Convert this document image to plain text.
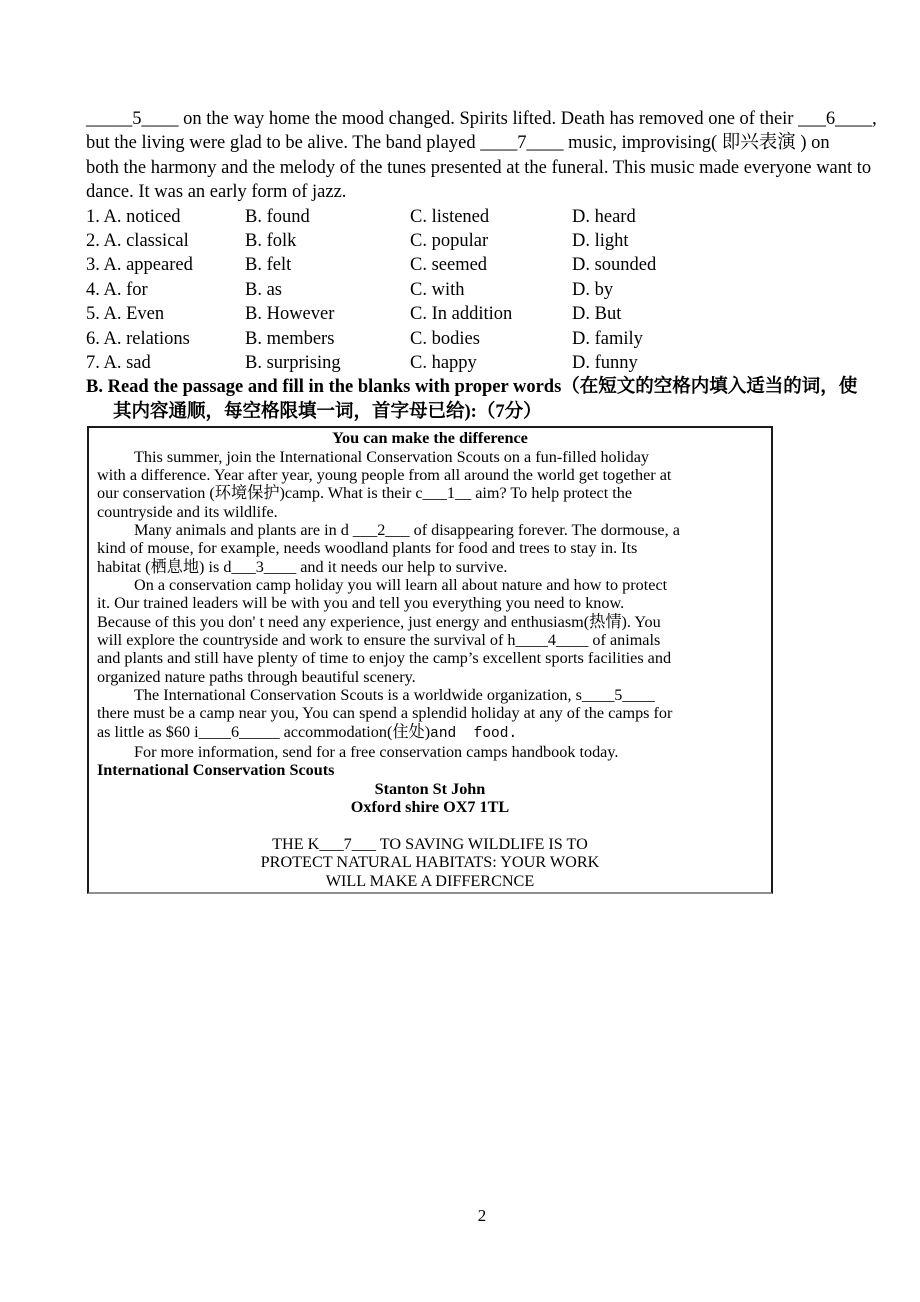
_____5____ on the way home the mood changed. Spirits lifted. Death has removed one of their ___6____,
but the living were glad to be alive. The band played ____7____ music, improvising( 即兴表演 ) on
both the harmony and the melody of the tunes presented at the funeral. This music made everyone want to
dance. It was an early form of jazz.
1. A. noticed	B. found	C. listened	D. heard
2. A. classical	B. folk	C. popular	D. light
3. A. appeared	B. felt	C. seemed	D. sounded
4. A. for	B. as	C. with	D. by
5. A. Even	B. However	C. In addition	D. But
6. A. relations	B. members	C. bodies	D. family
7. A. sad	B. surprising	C. happy	D. funny
B. Read the passage and fill in the blanks with proper words（在短文的空格内填入适当的词，使
其内容通顺，每空格限填一词，首字母已给):（7分）
You can make the difference
This summer, join the International Conservation Scouts on a fun-filled holiday
with a difference. Year after year, young people from all around the world get together at
our conservation (环境保护)camp. What is their c___1__ aim? To help protect the
countryside and its wildlife.
Many animals and plants are in d ___2___ of disappearing forever. The dormouse, a
kind of mouse, for example, needs woodland plants for food and trees to stay in. Its
habitat (栖息地) is d___3____ and it needs our help to survive.
On a conservation camp holiday you will learn all about nature and how to protect
it. Our trained leaders will be with you and tell you everything you need to know.
Because of this you don' t need any experience, just energy and enthusiasm(热情). You
will explore the countryside and work to ensure the survival of h____4____ of animals
and plants and still have plenty of time to enjoy the camp’s excellent sports facilities and
organized nature paths through beautiful scenery.
The International Conservation Scouts is a worldwide organization, s____5____
there must be a camp near you, You can spend a splendid holiday at any of the camps for
as little as $60 i____6_____ accommodation(住处)and  food.
For more information, send for a free conservation camps handbook today.
International Conservation Scouts
Stanton St John
Oxford shire OX7 1TL
THE K___7___ TO SAVING WILDLIFE IS TO
PROTECT NATURAL HABITATS: YOUR WORK
WILL MAKE A DIFFERCNCE
2
